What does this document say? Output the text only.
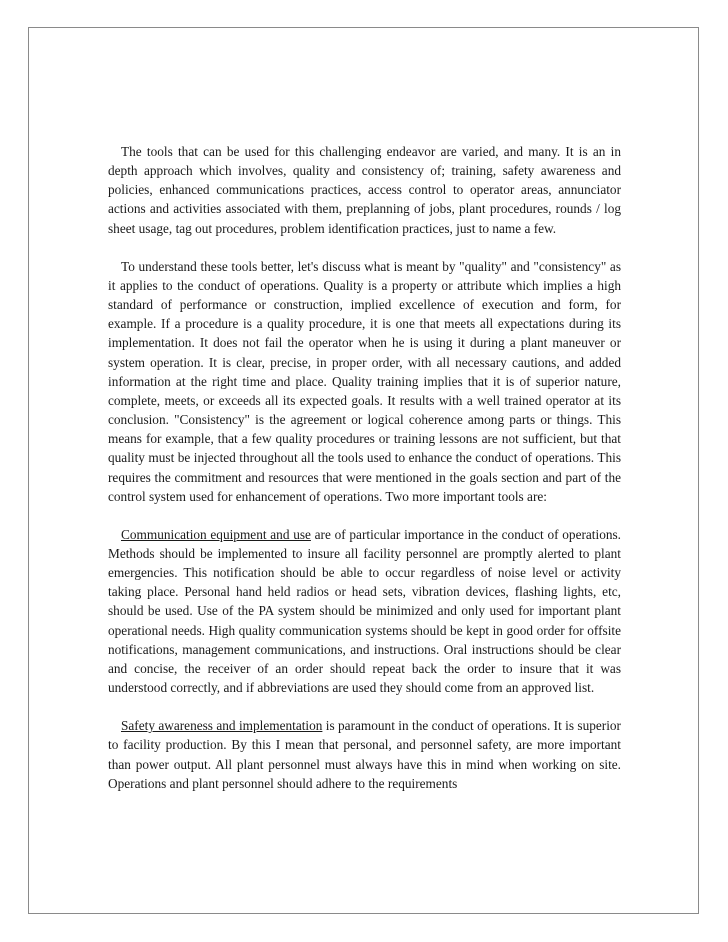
The tools that can be used for this challenging endeavor are varied, and many. It is an in depth approach which involves, quality and consistency of; training, safety awareness and policies, enhanced communications practices, access control to operator areas, annunciator actions and activities associated with them, preplanning of jobs, plant procedures, rounds / log sheet usage, tag out procedures, problem identification practices, just to name a few.

To understand these tools better, let's discuss what is meant by "quality" and "consistency" as it applies to the conduct of operations. Quality is a property or attribute which implies a high standard of performance or construction, implied excellence of execution and form, for example. If a procedure is a quality procedure, it is one that meets all expectations during its implementation. It does not fail the operator when he is using it during a plant maneuver or system operation. It is clear, precise, in proper order, with all necessary cautions, and added information at the right time and place. Quality training implies that it is of superior nature, complete, meets, or exceeds all its expected goals. It results with a well trained operator at its conclusion. "Consistency" is the agreement or logical coherence among parts or things. This means for example, that a few quality procedures or training lessons are not sufficient, but that quality must be injected throughout all the tools used to enhance the conduct of operations. This requires the commitment and resources that were mentioned in the goals section and part of the control system used for enhancement of operations. Two more important tools are:

Communication equipment and use are of particular importance in the conduct of operations. Methods should be implemented to insure all facility personnel are promptly alerted to plant emergencies. This notification should be able to occur regardless of noise level or activity taking place. Personal hand held radios or head sets, vibration devices, flashing lights, etc, should be used. Use of the PA system should be minimized and only used for important plant operational needs. High quality communication systems should be kept in good order for offsite notifications, management communications, and instructions. Oral instructions should be clear and concise, the receiver of an order should repeat back the order to insure that it was understood correctly, and if abbreviations are used they should come from an approved list.

Safety awareness and implementation is paramount in the conduct of operations. It is superior to facility production. By this I mean that personal, and personnel safety, are more important than power output. All plant personnel must always have this in mind when working on site. Operations and plant personnel should adhere to the requirements
